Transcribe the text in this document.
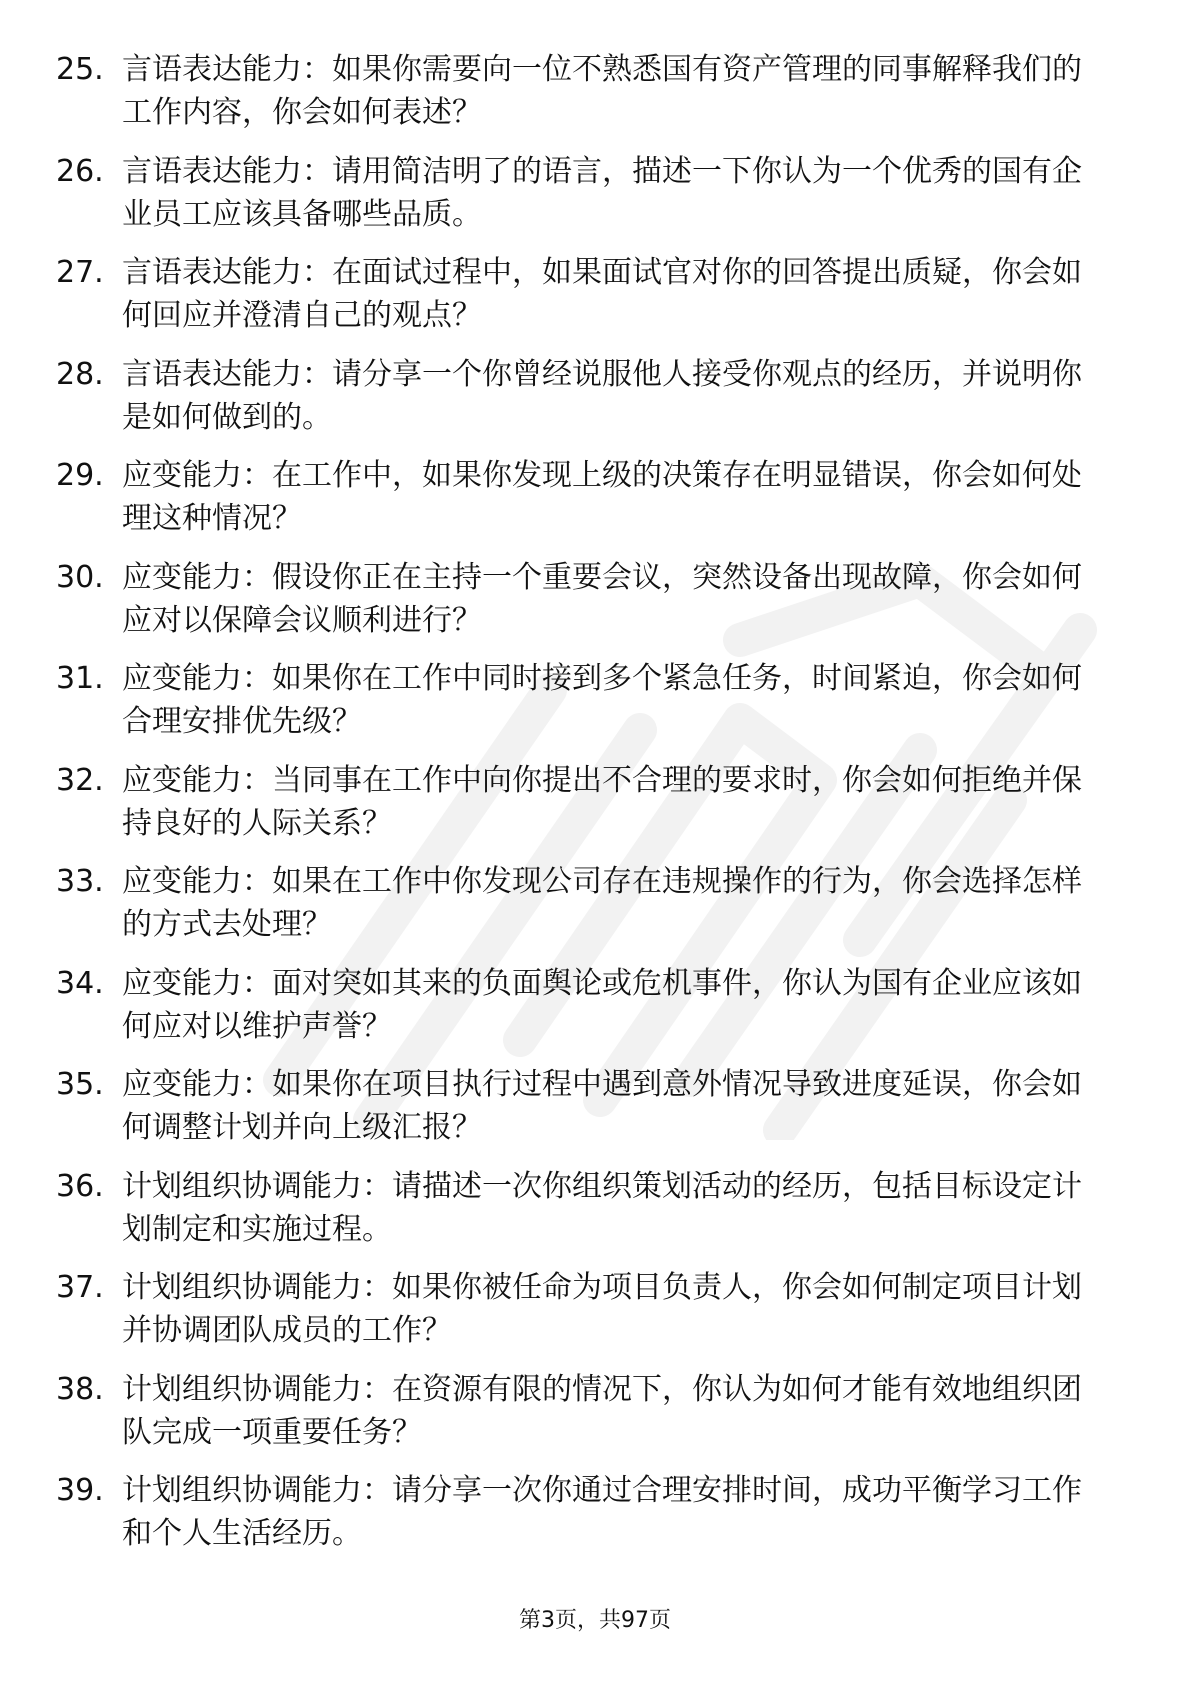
25. 言语表达能力：如果你需要向一位不熟悉国有资产管理的同事解释我们的工作内容，你会如何表述？
26. 言语表达能力：请用简洁明了的语言，描述一下你认为一个优秀的国有企业员工应该具备哪些品质。
27. 言语表达能力：在面试过程中，如果面试官对你的回答提出质疑，你会如何回应并澄清自己的观点？
28. 言语表达能力：请分享一个你曾经说服他人接受你观点的经历，并说明你是如何做到的。
29. 应变能力：在工作中，如果你发现上级的决策存在明显错误，你会如何处理这种情况？
30. 应变能力：假设你正在主持一个重要会议，突然设备出现故障，你会如何应对以保障会议顺利进行？
31. 应变能力：如果你在工作中同时接到多个紧急任务，时间紧迫，你会如何合理安排优先级？
32. 应变能力：当同事在工作中向你提出不合理的要求时，你会如何拒绝并保持良好的人际关系？
33. 应变能力：如果在工作中你发现公司存在违规操作的行为，你会选择怎样的方式去处理？
34. 应变能力：面对突如其来的负面舆论或危机事件，你认为国有企业应该如何应对以维护声誉？
35. 应变能力：如果你在项目执行过程中遇到意外情况导致进度延误，你会如何调整计划并向上级汇报？
36. 计划组织协调能力：请描述一次你组织策划活动的经历，包括目标设定计划制定和实施过程。
37. 计划组织协调能力：如果你被任命为项目负责人，你会如何制定项目计划并协调团队成员的工作？
38. 计划组织协调能力：在资源有限的情况下，你认为如何才能有效地组织团队完成一项重要任务？
39. 计划组织协调能力：请分享一次你通过合理安排时间，成功平衡学习工作和个人生活经历。
第3页，共97页
